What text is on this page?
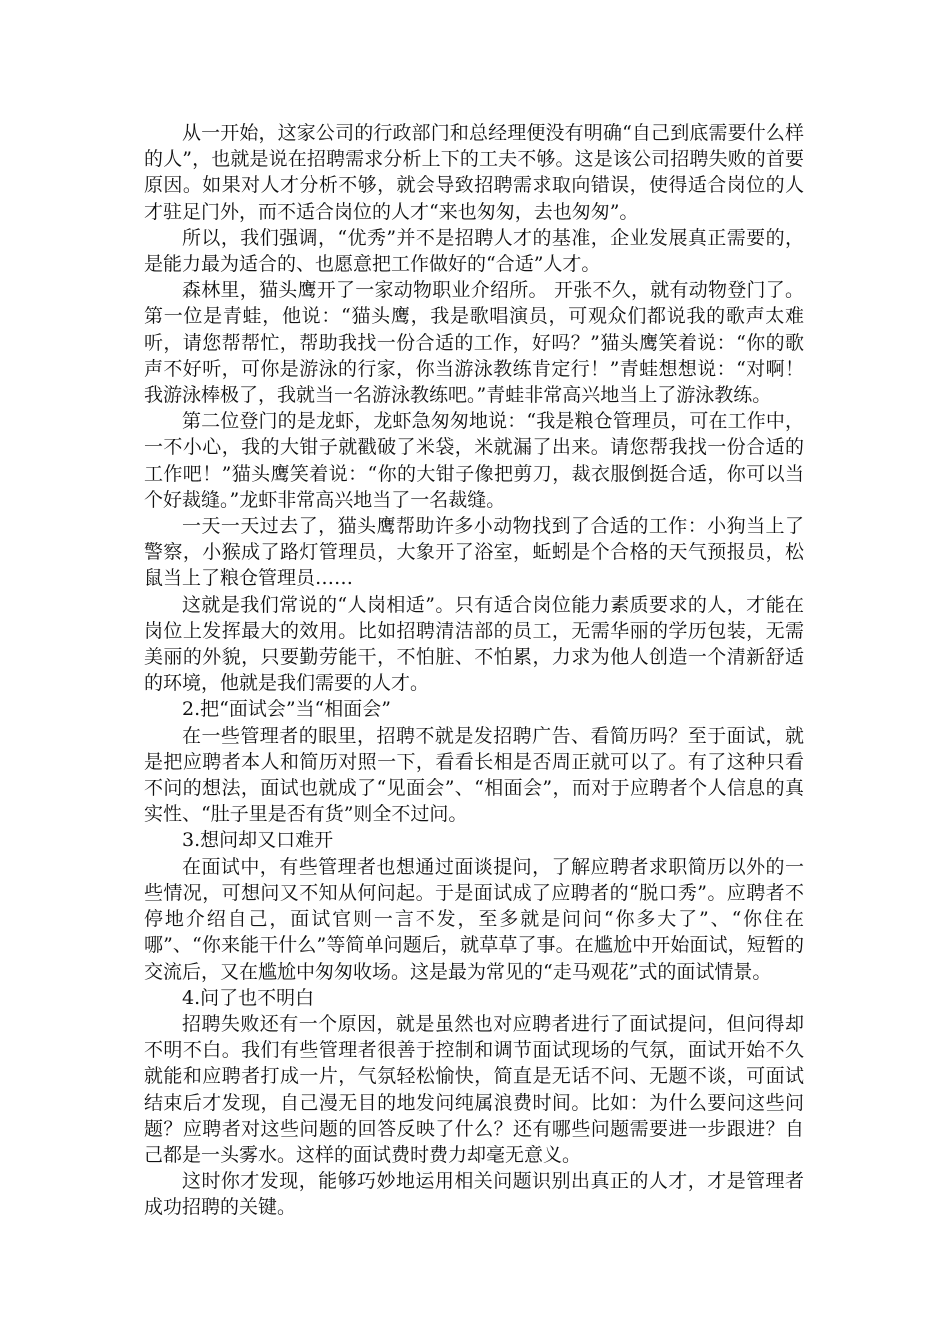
从一开始，这家公司的行政部门和总经理便没有明确“自己到底需要什么样的人”，也就是说在招聘需求分析上下的工夫不够。这是该公司招聘失败的首要原因。如果对人才分析不够，就会导致招聘需求取向错误，使得适合岗位的人才驻足门外，而不适合岗位的人才“来也匆匆，去也匆匆”。

所以，我们强调，“优秀”并不是招聘人才的基准，企业发展真正需要的，是能力最为适合的、也愿意把工作做好的“合适”人才。

森林里，猫头鹰开了一家动物职业介绍所。 开张不久，就有动物登门了。第一位是青蛙，他说：“猫头鹰，我是歌唱演员，可观众们都说我的歌声太难听，请您帮帮忙，帮助我找一份合适的工作，好吗？”猫头鹰笑着说：“你的歌声不好听，可你是游泳的行家，你当游泳教练肯定行！”青蛙想想说：“对啊！我游泳棒极了，我就当一名游泳教练吧。”青蛙非常高兴地当上了游泳教练。

第二位登门的是龙虾，龙虾急匆匆地说：“我是粮仓管理员，可在工作中，一不小心，我的大钳子就戳破了米袋，米就漏了出来。请您帮我找一份合适的工作吧！”猫头鹰笑着说：“你的大钳子像把剪刀，裁衣服倒挺合适，你可以当个好裁缝。”龙虾非常高兴地当了一名裁缝。

一天一天过去了，猫头鹰帮助许多小动物找到了合适的工作：小狗当上了警察，小猴成了路灯管理员，大象开了浴室，蚯蚓是个合格的天气预报员，松鼠当上了粮仓管理员……

这就是我们常说的“人岗相适”。只有适合岗位能力素质要求的人，才能在岗位上发挥最大的效用。比如招聘清洁部的员工，无需华丽的学历包装，无需美丽的外貌，只要勤劳能干，不怕脏、不怕累，力求为他人创造一个清新舒适的环境，他就是我们需要的人才。

2.把“面试会”当“相面会”

在一些管理者的眼里，招聘不就是发招聘广告、看简历吗？至于面试，就是把应聘者本人和简历对照一下，看看长相是否周正就可以了。有了这种只看不问的想法，面试也就成了“见面会”、“相面会”，而对于应聘者个人信息的真实性、“肚子里是否有货”则全不过问。

3.想问却又口难开

在面试中，有些管理者也想通过面谈提问，了解应聘者求职简历以外的一些情况，可想问又不知从何问起。于是面试成了应聘者的“脱口秀”。应聘者不停地介绍自己，面试官则一言不发，至多就是问问“你多大了”、“你住在哪”、“你来能干什么”等简单问题后，就草草了事。在尴尬中开始面试，短暂的交流后，又在尴尬中匆匆收场。这是最为常见的“走马观花”式的面试情景。

4.问了也不明白

招聘失败还有一个原因，就是虽然也对应聘者进行了面试提问，但问得却不明不白。我们有些管理者很善于控制和调节面试现场的气氛，面试开始不久就能和应聘者打成一片，气氛轻松愉快，简直是无话不问、无题不谈，可面试结束后才发现，自己漫无目的地发问纯属浪费时间。比如：为什么要问这些问题？应聘者对这些问题的回答反映了什么？还有哪些问题需要进一步跟进？自己都是一头雾水。这样的面试费时费力却毫无意义。

这时你才发现，能够巧妙地运用相关问题识别出真正的人才，才是管理者成功招聘的关键。
